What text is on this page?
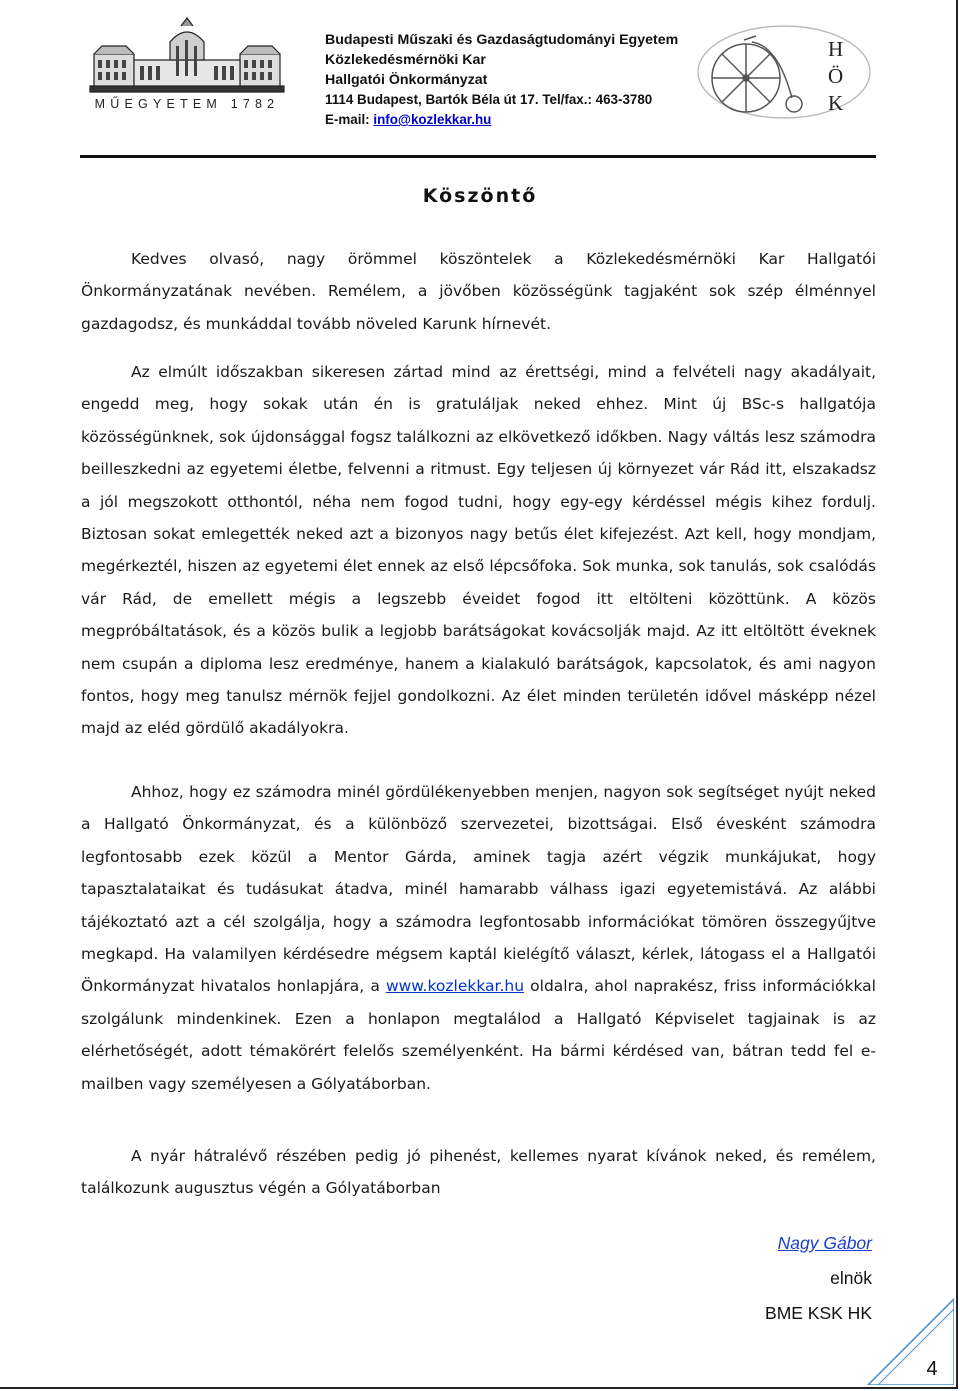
MŰEGYETEM 1782
Budapesti Műszaki és Gazdaságtudományi Egyetem
Közlekedésmérnöki Kar
Hallgatói Önkormányzat
1114 Budapest, Bartók Béla út 17. Tel/fax.: 463-3780
E-mail: info@kozlekkar.hu
H
Ö
K
Köszöntő

Kedves olvasó, nagy örömmel köszöntelek a Közlekedésmérnöki Kar Hallgatói Önkormányzatának nevében. Remélem, a jövőben közösségünk tagjaként sok szép élménnyel gazdagodsz, és munkáddal tovább növeled Karunk hírnevét.

Az elmúlt időszakban sikeresen zártad mind az érettségi, mind a felvételi nagy akadályait, engedd meg, hogy sokak után én is gratuláljak neked ehhez. Mint új BSc-s hallgatója közösségünknek, sok újdonsággal fogsz találkozni az elkövetkező időkben. Nagy váltás lesz számodra beilleszkedni az egyetemi életbe, felvenni a ritmust. Egy teljesen új környezet vár Rád itt, elszakadsz a jól megszokott otthontól, néha nem fogod tudni, hogy egy-egy kérdéssel mégis kihez fordulj. Biztosan sokat emlegették neked azt a bizonyos nagy betűs élet kifejezést. Azt kell, hogy mondjam, megérkeztél, hiszen az egyetemi élet ennek az első lépcsőfoka. Sok munka, sok tanulás, sok csalódás vár Rád, de emellett mégis a legszebb éveidet fogod itt eltölteni közöttünk. A közös megpróbáltatások, és a közös bulik a legjobb barátságokat kovácsolják majd. Az itt eltöltött éveknek nem csupán a diploma lesz eredménye, hanem a kialakuló barátságok, kapcsolatok, és ami nagyon fontos, hogy meg tanulsz mérnök fejjel gondolkozni. Az élet minden területén idővel másképp nézel majd az eléd gördülő akadályokra.

Ahhoz, hogy ez számodra minél gördülékenyebben menjen, nagyon sok segítséget nyújt neked a Hallgató Önkormányzat, és a különböző szervezetei, bizottságai. Első évesként számodra legfontosabb ezek közül a Mentor Gárda, aminek tagja azért végzik munkájukat, hogy tapasztalataikat és tudásukat átadva, minél hamarabb válhass igazi egyetemistává. Az alábbi tájékoztató azt a cél szolgálja, hogy a számodra legfontosabb információkat tömören összegyűjtve megkapd. Ha valamilyen kérdésedre mégsem kaptál kielégítő választ, kérlek, látogass el a Hallgatói Önkormányzat hivatalos honlapjára, a www.kozlekkar.hu oldalra, ahol naprakész, friss információkkal szolgálunk mindenkinek. Ezen a honlapon megtalálod a Hallgató Képviselet tagjainak is az elérhetőségét, adott témakörért felelős személyenként. Ha bármi kérdésed van, bátran tedd fel e-mailben vagy személyesen a Gólyatáborban.

A nyár hátralévő részében pedig jó pihenést, kellemes nyarat kívánok neked, és remélem, találkozunk augusztus végén a Gólyatáborban

Nagy Gábor
elnök
BME KSK HK
4
